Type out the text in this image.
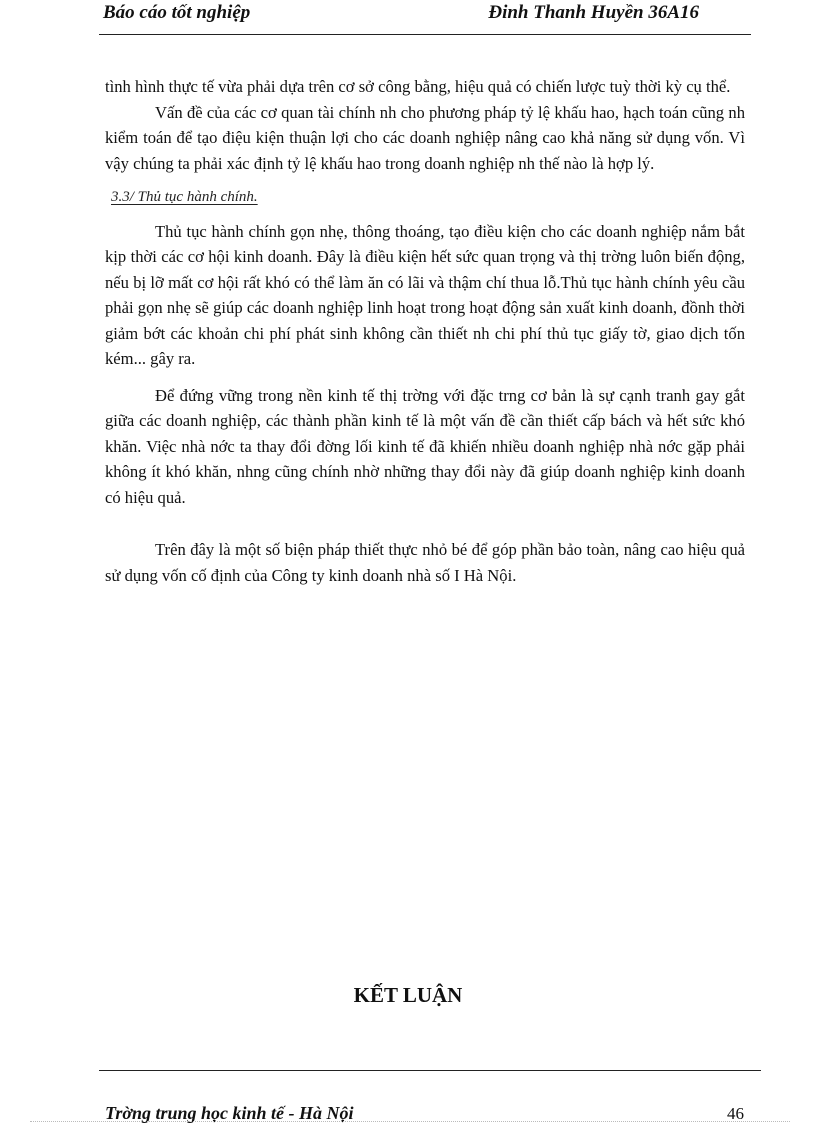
Báo cáo tốt nghiệp	Đinh Thanh Huyền 36A16

tình hình thực tế vừa phải dựa trên cơ sở công bằng, hiệu quả có chiến lược tuỳ thời kỳ cụ thể.

Vấn đề của các cơ quan tài chính nh cho phương pháp tỷ lệ khấu hao, hạch toán cũng nh kiểm toán để tạo điệu kiện thuận lợi cho các doanh nghiệp nâng cao khả năng sử dụng vốn. Vì vậy chúng ta phải xác định tỷ lệ khấu hao trong doanh nghiệp nh thế nào là hợp lý.

3.3/ Thủ tục hành chính.

Thủ tục hành chính gọn nhẹ, thông thoáng, tạo điều kiện cho các doanh nghiệp nắm bắt kịp thời các cơ hội kinh doanh. Đây là điều kiện hết sức quan trọng và thị trờng luôn biến động, nếu bị lỡ mất cơ hội rất khó có thể làm ăn có lãi và thậm chí thua lỗ.Thủ tục hành chính yêu cầu phải gọn nhẹ sẽ giúp các doanh nghiệp linh hoạt trong hoạt động sản xuất kinh doanh, đồnh thời giảm bớt các khoản chi phí phát sinh không cần thiết nh chi phí thủ tục giấy tờ, giao dịch tốn kém... gây ra.

Để đứng vững trong nền kinh tế thị trờng với đặc trng cơ bản là sự cạnh tranh gay gắt giữa các doanh nghiệp, các thành phần kinh tế là một vấn đề cần thiết cấp bách và hết sức khó khăn. Việc nhà nớc ta thay đổi đờng lối kinh tế đã khiến nhiều doanh nghiệp nhà nớc gặp phải không ít khó khăn, nhng cũng chính nhờ những thay đổi này đã giúp doanh nghiệp kinh doanh có hiệu quả.

Trên đây là một số biện pháp thiết thực nhỏ bé để góp phần bảo toàn, nâng cao hiệu quả sử dụng vốn cố định của Công ty kinh doanh nhà số I Hà Nội.

KẾT LUẬN
Trờng trung học kinh tế - Hà Nội	46
